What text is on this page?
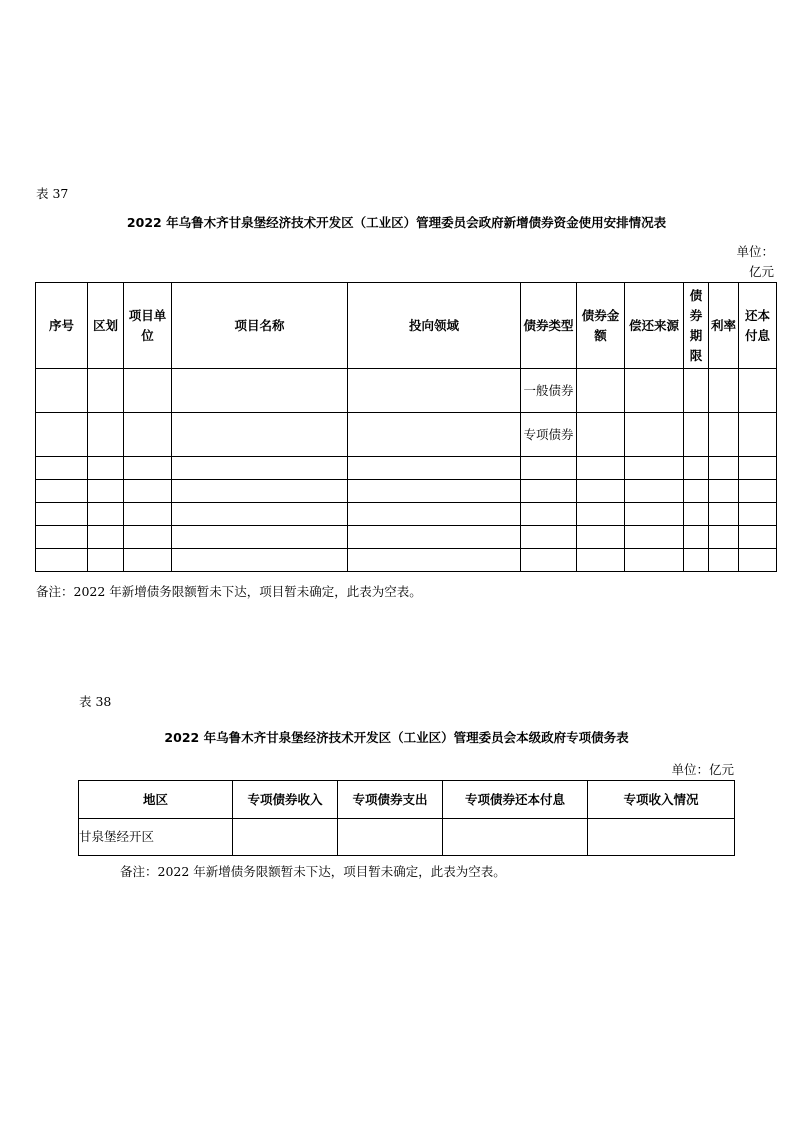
表 37
2022 年乌鲁木齐甘泉堡经济技术开发区（工业区）管理委员会政府新增债券资金使用安排情况表
单位：
亿元
序号	区划	项目单位	项目名称	投向领域	债券类型	债券金额	偿还来源	债券期限	利率	还本付息
					一般债券					
					专项债券					

备注：2022 年新增债务限额暂未下达，项目暂未确定，此表为空表。
表 38
2022 年乌鲁木齐甘泉堡经济技术开发区（工业区）管理委员会本级政府专项债务表
单位：亿元
地区	专项债券收入	专项债券支出	专项债券还本付息	专项收入情况
甘泉堡经开区				
备注：2022 年新增债务限额暂未下达，项目暂未确定，此表为空表。
